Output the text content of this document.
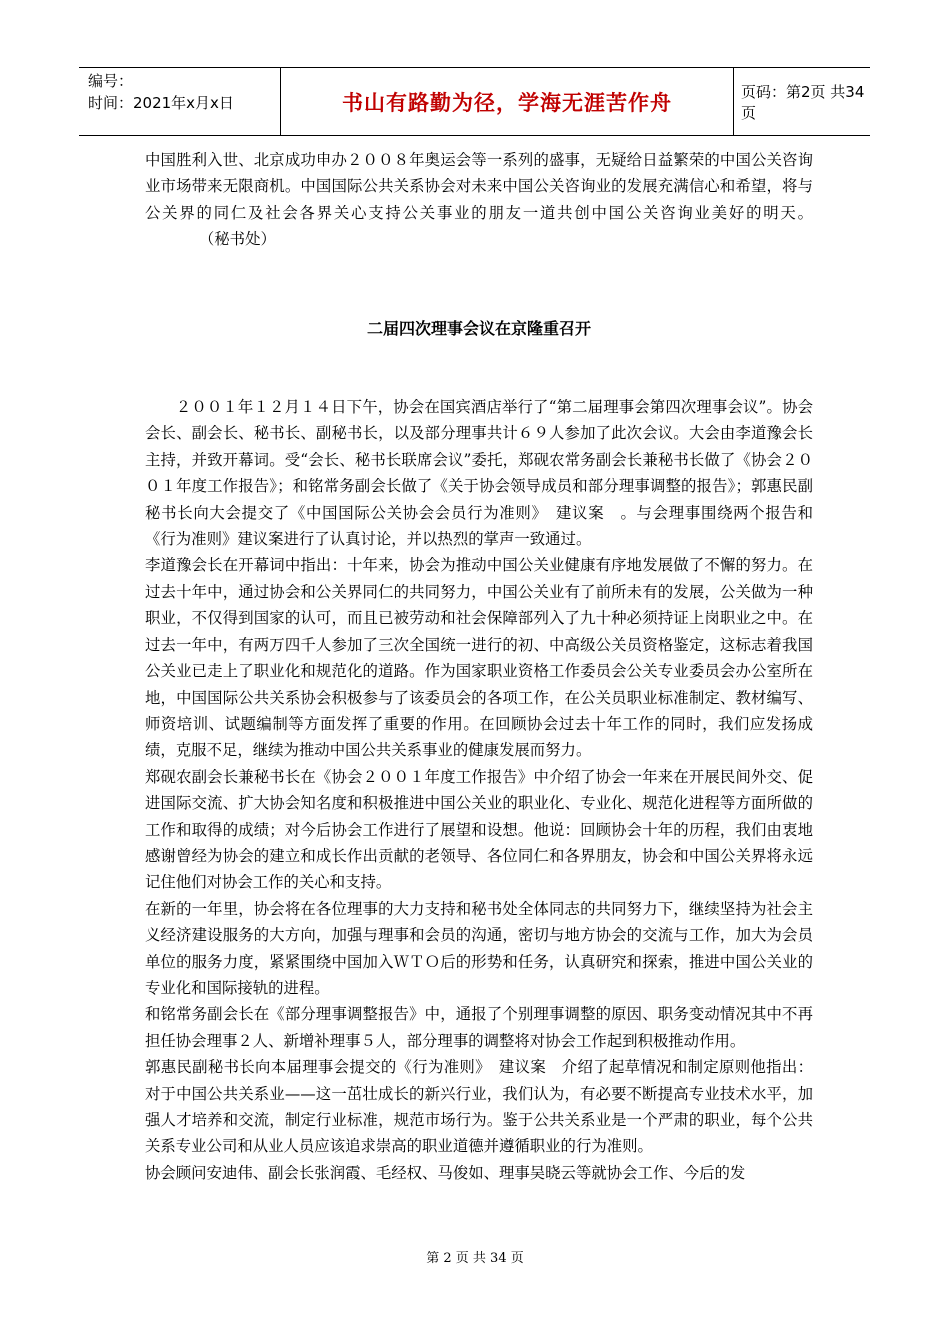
编号：
时间：2021年x月x日	书山有路勤为径，学海无涯苦作舟	页码：第2页 共34页

中国胜利入世、北京成功申办２００８年奥运会等一系列的盛事，无疑给日益繁荣的中国公关咨询业市场带来无限商机。中国国际公共关系协会对未来中国公关咨询业的发展充满信心和希望，将与公关界的同仁及社会各界关心支持公关事业的朋友一道共创中国公关咨询业美好的明天。（秘书处）

二届四次理事会议在京隆重召开

２００１年１２月１４日下午，协会在国宾酒店举行了“第二届理事会第四次理事会议”。协会会长、副会长、秘书长、副秘书长，以及部分理事共计６９人参加了此次会议。大会由李道豫会长主持，并致开幕词。受“会长、秘书长联席会议”委托，郑砚农常务副会长兼秘书长做了《协会２００１年度工作报告》；和铭常务副会长做了《关于协会领导成员和部分理事调整的报告》；郭惠民副秘书长向大会提交了《中国国际公关协会会员行为准则》　建议案　。与会理事围绕两个报告和《行为准则》建议案进行了认真讨论，并以热烈的掌声一致通过。

李道豫会长在开幕词中指出：十年来，协会为推动中国公关业健康有序地发展做了不懈的努力。在过去十年中，通过协会和公关界同仁的共同努力，中国公关业有了前所未有的发展，公关做为一种职业，不仅得到国家的认可，而且已被劳动和社会保障部列入了九十种必须持证上岗职业之中。在过去一年中，有两万四千人参加了三次全国统一进行的初、中高级公关员资格鉴定，这标志着我国公关业已走上了职业化和规范化的道路。作为国家职业资格工作委员会公关专业委员会办公室所在地，中国国际公共关系协会积极参与了该委员会的各项工作，在公关员职业标准制定、教材编写、师资培训、试题编制等方面发挥了重要的作用。在回顾协会过去十年工作的同时，我们应发扬成绩，克服不足，继续为推动中国公共关系事业的健康发展而努力。

郑砚农副会长兼秘书长在《协会２００１年度工作报告》中介绍了协会一年来在开展民间外交、促进国际交流、扩大协会知名度和积极推进中国公关业的职业化、专业化、规范化进程等方面所做的工作和取得的成绩；对今后协会工作进行了展望和设想。他说：回顾协会十年的历程，我们由衷地感谢曾经为协会的建立和成长作出贡献的老领导、各位同仁和各界朋友，协会和中国公关界将永远记住他们对协会工作的关心和支持。

在新的一年里，协会将在各位理事的大力支持和秘书处全体同志的共同努力下，继续坚持为社会主义经济建设服务的大方向，加强与理事和会员的沟通，密切与地方协会的交流与工作，加大为会员单位的服务力度，紧紧围绕中国加入ＷＴＯ后的形势和任务，认真研究和探索，推进中国公关业的专业化和国际接轨的进程。

和铭常务副会长在《部分理事调整报告》中，通报了个别理事调整的原因、职务变动情况其中不再担任协会理事２人、新增补理事５人，部分理事的调整将对协会工作起到积极推动作用。

郭惠民副秘书长向本届理事会提交的《行为准则》　建议案　介绍了起草情况和制定原则他指出：对于中国公共关系业——这一茁壮成长的新兴行业，我们认为，有必要不断提高专业技术水平，加强人才培养和交流，制定行业标准，规范市场行为。鉴于公共关系业是一个严肃的职业，每个公共关系专业公司和从业人员应该追求崇高的职业道德并遵循职业的行为准则。

协会顾问安迪伟、副会长张润霞、毛经权、马俊如、理事吴晓云等就协会工作、今后的发

第 2 页 共 34 页
